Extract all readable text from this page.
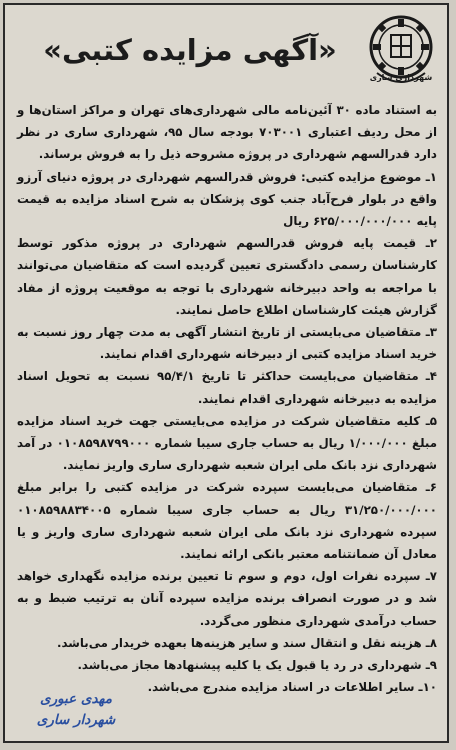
شهرداری ساری
«آگهی مزایده کتبی»

به استناد ماده ۳۰ آئین‌نامه مالی شهرداری‌های تهران و مراکز استان‌ها و از محل ردیف اعتباری ۷۰۳۰۰۱ بودجه سال ۹۵، شهرداری ساری در نظر دارد قدرالسهم شهرداری در پروژه مشروحه ذیل را به فروش برساند.

۱ـ موضوع مزایده کتبی: فروش قدرالسهم شهرداری در پروژه دنیای آرزو واقع در بلوار فرح‌آباد جنب کوی پزشکان به شرح اسناد مزایده به قیمت پایه ۶۲۵/۰۰۰/۰۰۰/۰۰۰ ریال

۲ـ قیمت پایه فروش قدرالسهم شهرداری در پروژه مذکور توسط کارشناسان رسمی دادگستری تعیین گردیده است که متقاضیان می‌توانند با مراجعه به واحد دبیرخانه شهرداری با توجه به موقعیت پروژه از مفاد گزارش هیئت کارشناسان اطلاع حاصل نمایند.

۳ـ متقاضیان می‌بایستی از تاریخ انتشار آگهی به مدت چهار روز نسبت به خرید اسناد مزایده کتبی از دبیرخانه شهرداری اقدام نمایند.

۴ـ متقاضیان می‌بایست حداکثر تا تاریخ ۹۵/۴/۱ نسبت به تحویل اسناد مزایده به دبیرخانه شهرداری اقدام نمایند.

۵ـ کلیه متقاضیان شرکت در مزایده می‌بایستی جهت خرید اسناد مزایده مبلغ ۱/۰۰۰/۰۰۰ ریال به حساب جاری سیبا شماره ۰۱۰۸۵۹۸۷۹۹۰۰۰ در آمد شهرداری نزد بانک ملی ایران شعبه شهرداری ساری واریز نمایند.

۶ـ متقاضیان می‌بایست سپرده شرکت در مزایده کتبی را برابر مبلغ ۳۱/۲۵۰/۰۰۰/۰۰۰ ریال به حساب جاری سیبا شماره ۰۱۰۸۵۹۸۸۳۴۰۰۵ سپرده شهرداری نزد بانک ملی ایران شعبه شهرداری ساری واریز و یا معادل آن ضمانتنامه معتبر بانکی ارائه نمایند.

۷ـ سپرده نفرات اول، دوم و سوم تا تعیین برنده مزایده نگهداری خواهد شد و در صورت انصراف برنده مزایده سپرده آنان به ترتیب ضبط و به حساب درآمدی شهرداری منظور می‌گردد.

۸ـ هزینه نقل و انتقال سند و سایر هزینه‌ها بعهده خریدار می‌باشد.

۹ـ شهرداری در رد یا قبول یک یا کلیه پیشنهادها مجاز می‌باشد.

۱۰ـ سایر اطلاعات در اسناد مزایده مندرج می‌باشد.

مهدی عبوری
شهردار ساری
